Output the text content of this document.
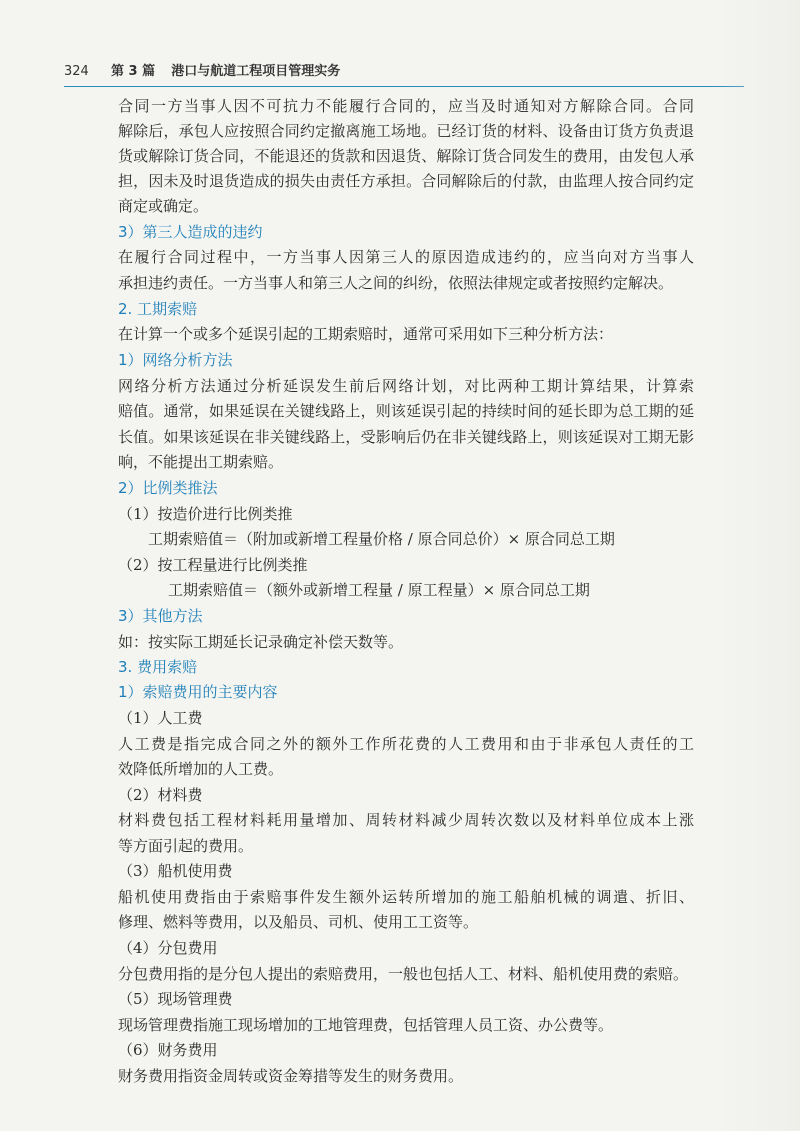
324 第 3 篇 港口与航道工程项目管理实务
合同一方当事人因不可抗力不能履行合同的，应当及时通知对方解除合同。合同
解除后，承包人应按照合同约定撤离施工场地。已经订货的材料、设备由订货方负责退
货或解除订货合同，不能退还的货款和因退货、解除订货合同发生的费用，由发包人承
担，因未及时退货造成的损失由责任方承担。合同解除后的付款，由监理人按合同约定
商定或确定。
3）第三人造成的违约
在履行合同过程中，一方当事人因第三人的原因造成违约的，应当向对方当事人
承担违约责任。一方当事人和第三人之间的纠纷，依照法律规定或者按照约定解决。
2. 工期索赔
在计算一个或多个延误引起的工期索赔时，通常可采用如下三种分析方法：
1）网络分析方法
网络分析方法通过分析延误发生前后网络计划，对比两种工期计算结果，计算索
赔值。通常，如果延误在关键线路上，则该延误引起的持续时间的延长即为总工期的延
长值。如果该延误在非关键线路上，受影响后仍在非关键线路上，则该延误对工期无影
响，不能提出工期索赔。
2）比例类推法
（1）按造价进行比例类推
工期索赔值＝（附加或新增工程量价格 / 原合同总价）× 原合同总工期
（2）按工程量进行比例类推
工期索赔值＝（额外或新增工程量 / 原工程量）× 原合同总工期
3）其他方法
如：按实际工期延长记录确定补偿天数等。
3. 费用索赔
1）索赔费用的主要内容
（1）人工费
人工费是指完成合同之外的额外工作所花费的人工费用和由于非承包人责任的工
效降低所增加的人工费。
（2）材料费
材料费包括工程材料耗用量增加、周转材料减少周转次数以及材料单位成本上涨
等方面引起的费用。
（3）船机使用费
船机使用费指由于索赔事件发生额外运转所增加的施工船舶机械的调遣、折旧、
修理、燃料等费用，以及船员、司机、使用工工资等。
（4）分包费用
分包费用指的是分包人提出的索赔费用，一般也包括人工、材料、船机使用费的索赔。
（5）现场管理费
现场管理费指施工现场增加的工地管理费，包括管理人员工资、办公费等。
（6）财务费用
财务费用指资金周转或资金筹措等发生的财务费用。
